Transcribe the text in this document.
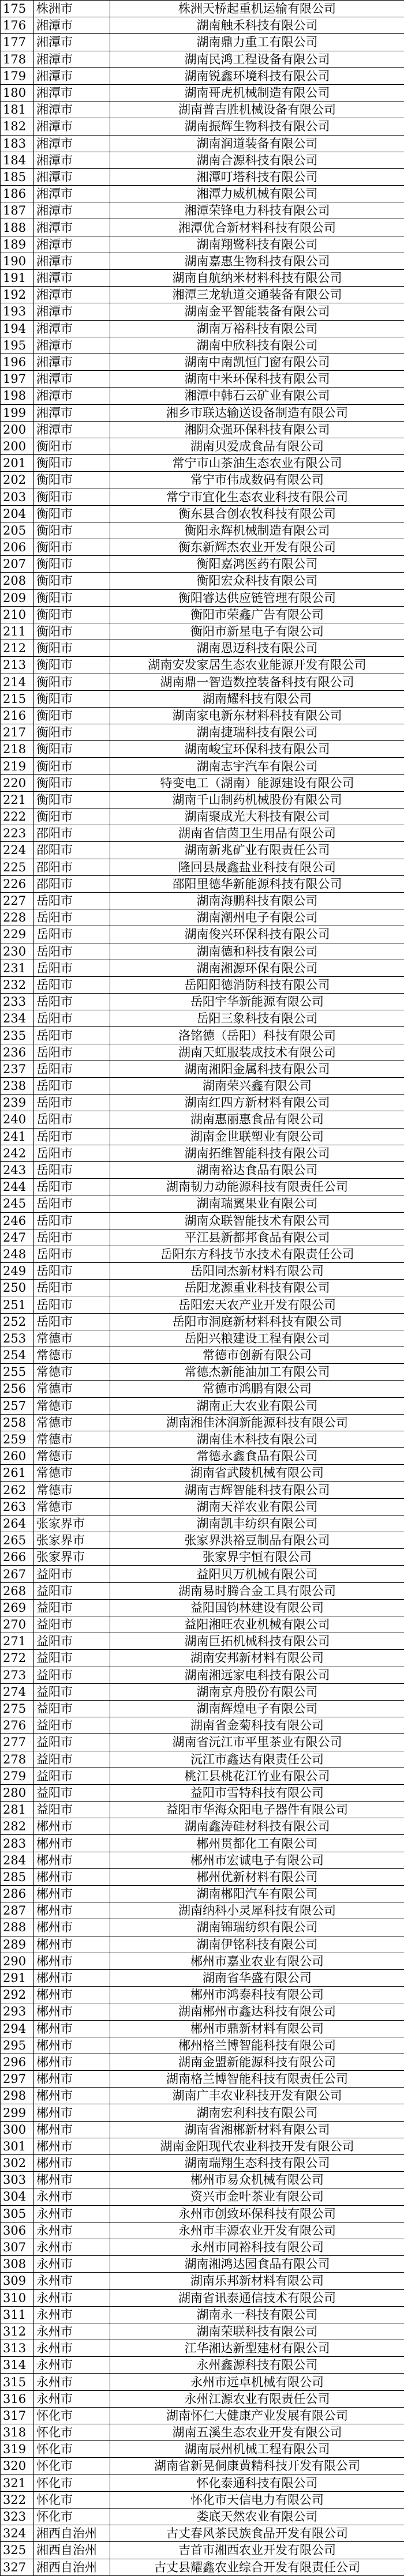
175	株洲市	株洲天桥起重机运输有限公司
176	湘潭市	湖南触禾科技有限公司
177	湘潭市	湖南鼎力重工有限公司
178	湘潭市	湖南民鸿工程设备有限公司
179	湘潭市	湖南锐鑫环境科技有限公司
180	湘潭市	湖南哥虎机械制造有限公司
181	湘潭市	湖南普吉胜机械设备有限公司
182	湘潭市	湖南振辉生物科技有限公司
183	湘潭市	湖南润道装备有限公司
184	湘潭市	湖南合源科技有限公司
185	湘潭市	湘潭叮塔科技有限公司
186	湘潭市	湘潭力威机械有限公司
187	湘潭市	湘潭荣锋电力科技有限公司
188	湘潭市	湘潭优合新材料科技有限公司
189	湘潭市	湖南翔鹭科技有限公司
190	湘潭市	湖南嘉惠生物科技有限公司
191	湘潭市	湖南自航纳米材料科技有限公司
192	湘潭市	湘潭三龙轨道交通装备有限公司
193	湘潭市	湖南金平智能装备有限公司
194	湘潭市	湖南万裕科技有限公司
195	湘潭市	湖南中欣科技有限公司
196	湘潭市	湖南中南凯恒门窗有限公司
197	湘潭市	湖南中米环保科技有限公司
198	湘潭市	湘潭中韩石云矿业有限公司
199	湘潭市	湘乡市联达输送设备制造有限公司
200	湘潭市	湘阴众强环保科技有限公司
200	衡阳市	湖南贝爱成食品有限公司
201	衡阳市	常宁市山茶油生态农业有限公司
202	衡阳市	常宁市伟成数码有限公司
203	衡阳市	常宁市宜化生态农业科技有限公司
204	衡阳市	衡东县合创农牧科技有限公司
205	衡阳市	衡阳永辉机械制造有限公司
206	衡阳市	衡东新辉杰农业开发有限公司
207	衡阳市	衡阳嘉鸿医药有限公司
208	衡阳市	衡阳宏众科技有限公司
209	衡阳市	衡阳睿达供应链管理有限公司
210	衡阳市	衡阳市荣鑫广告有限公司
211	衡阳市	衡阳市新星电子有限公司
212	衡阳市	湖南恩迈科技有限公司
213	衡阳市	湖南安发家居生态农业能源开发有限公司
214	衡阳市	湖南鼎一智造数控装备科技有限公司
215	衡阳市	湖南耀科技有限公司
216	衡阳市	湖南家电新东材料科技有限公司
217	衡阳市	湖南捷瑞科技有限公司
218	衡阳市	湖南峻宝环保科技有限公司
219	衡阳市	湖南志宇汽车有限公司
220	衡阳市	特变电工（湖南）能源建设有限公司
221	衡阳市	湖南千山制药机械股份有限公司
222	衡阳市	湖南聚成光大科技有限公司
223	邵阳市	湖南省信茵卫生用品有限公司
224	邵阳市	湖南新兆矿业有限责任公司
225	邵阳市	隆回县晟鑫盐业科技有限公司
226	邵阳市	邵阳里德华新能源科技有限公司
227	岳阳市	湖南海鹏科技有限公司
228	岳阳市	湖南潮州电子有限公司
229	岳阳市	湖南俊兴环保科技有限公司
230	岳阳市	湖南德和科技有限公司
231	岳阳市	湖南湘源环保有限公司
232	岳阳市	岳阳阳德消防科技有限公司
233	岳阳市	岳阳宇华新能源有限公司
234	岳阳市	岳阳三象科技有限公司
235	岳阳市	洛铭德（岳阳）科技有限公司
236	岳阳市	湖南天虹服装成技术有限公司
237	岳阳市	湖南湘阳金属科技有限公司
238	岳阳市	湖南荣兴鑫有限公司
239	岳阳市	湖南红四方新材料有限公司
240	岳阳市	湖南惠丽惠食品有限公司
241	岳阳市	湖南金世联塑业有限公司
242	岳阳市	湖南拓维智能科技有限公司
243	岳阳市	湖南裕达食品有限公司
244	岳阳市	湖南韧力动能源科技有限责任公司
245	岳阳市	湖南瑞翼果业有限公司
246	岳阳市	湖南众联智能技术有限公司
247	岳阳市	平江县新都邦食品有限公司
248	岳阳市	岳阳东方科技节水技术有限责任公司
249	岳阳市	岳阳同杰新材料有限公司
250	岳阳市	岳阳龙源重业科技有限公司
251	岳阳市	岳阳宏天农产业开发有限公司
252	岳阳市	岳阳市洞庭新材料科技有限公司
253	常德市	岳阳兴粮建设工程有限公司
254	常德市	常德市创新有限公司
255	常德市	常德杰新能油加工有限公司
256	常德市	常德市鸿鹏有限公司
257	常德市	湖南正大农业有限公司
258	常德市	湖南湘佳沐润新能源科技有限公司
259	常德市	湖南佳木科技有限公司
260	常德市	常德永鑫食品有限公司
261	常德市	湖南省武陵机械有限公司
262	常德市	湖南吉辉智能科技有限公司
263	常德市	湖南天祥农业有限公司
264	张家界市	湖南凯丰纺织有限公司
265	张家界市	张家界洪裕豆制品有限公司
266	张家界市	张家界宇恒有限公司
267	益阳市	益阳贝万机械有限公司
268	益阳市	湖南易时腾合金工具有限公司
269	益阳市	益阳国钧林建设有限公司
270	益阳市	益阳湘旺农业机械有限公司
271	益阳市	湖南巨拓机械科技有限公司
272	益阳市	湖南安邦新材料有限公司
273	益阳市	湖南湘远家电科技有限公司
274	益阳市	湖南京舟股份有限公司
275	益阳市	湖南辉煌电子有限公司
276	益阳市	湖南省金菊科技有限公司
277	益阳市	湖南省沅江市平里茶业有限公司
278	益阳市	沅江市鑫达有限责任公司
279	益阳市	桃江县桃花江竹业有限公司
280	益阳市	益阳市雪特科技有限公司
281	益阳市	益阳市华海众阳电子器件有限公司
282	郴州市	湖南鑫涛硅材科技有限公司
283	郴州市	郴州贯都化工有限公司
284	郴州市	郴州市宏诚电子有限公司
285	郴州市	郴州优新材料有限公司
286	郴州市	湖南郴阳汽车有限公司
287	郴州市	湖南纳科小灵犀科技有限公司
288	郴州市	湖南锦瑞纺织有限公司
289	郴州市	湖南伊铭科技有限公司
290	郴州市	郴州市嘉业农业有限公司
291	郴州市	湖南省华盛有限公司
292	郴州市	郴州市鸿泰科技有限公司
293	郴州市	湖南郴州市鑫达科技有限公司
294	郴州市	郴州市鼎新材料有限公司
295	郴州市	郴州格兰博智能科技有限公司
296	郴州市	湖南金盟新能源科技有限公司
297	郴州市	湖南格兰博智能科技有限责任公司
298	郴州市	湖南广丰农业科技开发有限公司
299	郴州市	湖南宏利科技有限公司
300	郴州市	湖南省湘郴新材料有限公司
301	郴州市	湖南金阳现代农业科技开发有限公司
302	郴州市	湖南瑞翔生态科技有限公司
303	郴州市	郴州市易众机械有限公司
304	永州市	资兴市金叶茶业有限公司
305	永州市	永州市创致环保科技有限公司
306	永州市	永州市丰源农业开发有限公司
307	永州市	永州市同裕科技有限公司
308	永州市	湖南湘鸿达园食品有限公司
309	永州市	湖南乐邦新材料有限公司
310	永州市	湖南省讯泰通信技术有限公司
311	永州市	湖南永一科技有限公司
312	永州市	湖南荣联科技有限公司
313	永州市	江华湘达新型建材有限公司
314	永州市	永州鑫源科技有限公司
315	永州市	永州市远卓机械有限公司
316	永州市	永州江源农业有限责任公司
317	怀化市	湖南怀仁大健康产业发展有限公司
318	怀化市	湖南五溪生态农业开发有限公司
319	怀化市	湖南辰州机械工程有限公司
320	怀化市	湖南省新晃侗康黄精科技开发有限公司
321	怀化市	怀化泰通科技有限公司
322	怀化市	怀化市天信电力有限公司
323	怀化市	娄底天然农业有限公司
324	湘西自治州	古丈春风茶民族食品开发有限公司
325	湘西自治州	吉首市湘西农业开发有限公司
327	湘西自治州	古丈县耀鑫农业综合开发有限责任公司
